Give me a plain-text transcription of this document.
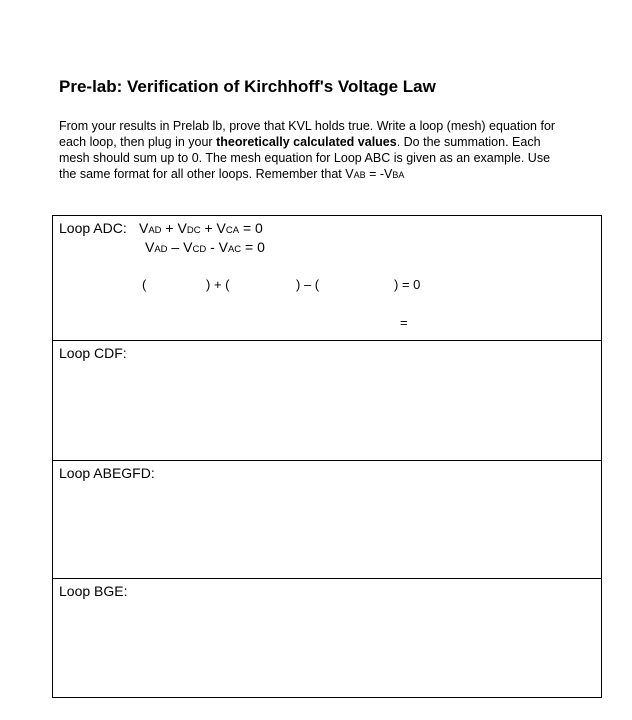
Pre-lab: Verification of Kirchhoff's Voltage Law
From your results in Prelab lb, prove that KVL holds true. Write a loop (mesh) equation for
each loop, then plug in your theoretically calculated values. Do the summation. Each
mesh should sum up to 0. The mesh equation for Loop ABC is given as an example. Use
the same format for all other loops. Remember that VAB = -VBA
Loop ADC: VAD + VDC + VCA = 0
VAD – VCD - VAC = 0
(	) + (	) – (	) = 0
=
Loop CDF:
Loop ABEGFD:
Loop BGE:
